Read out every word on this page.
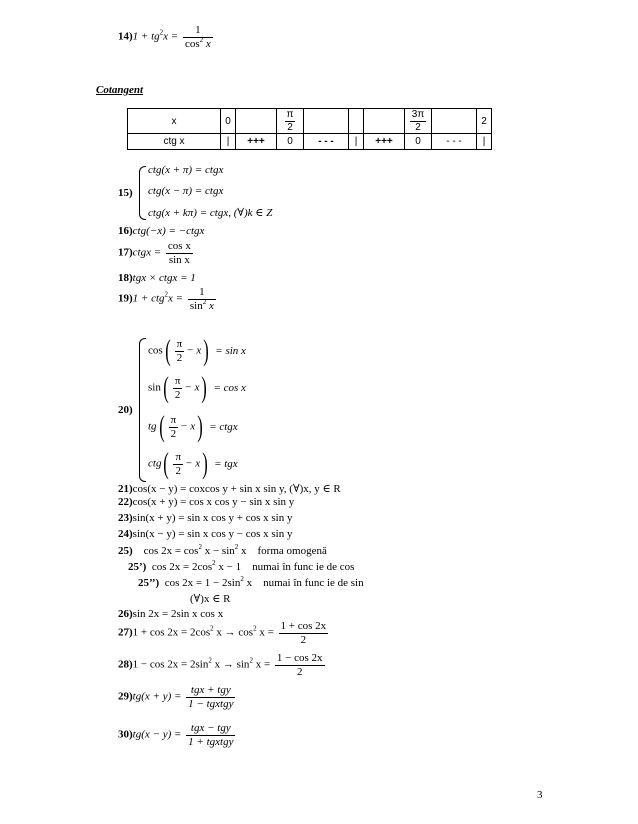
$14)1 + tg^2x = \frac{1}{\cos^2 x}$
Cotangent
x	0		$\frac{\pi}{2}$				$\frac{3\pi}{2}$		2
ctg x	|	+++	0	- - -	|	+++	0	- - -	|
15)
ctg(x + π) = ctgx
ctg(x − π) = ctgx
ctg(x + kπ) = ctgx, (∀)k ∈ Z
16)ctg(−x) = −ctgx
17)ctgx = $\frac{\text{cos x}}{\text{sin x}}$
18)tgx × ctgx = 1
$19)1 + ctg^2x = \frac{1}{\sin^2 x}$
20)
$\cos( \frac{\pi}{2} - x) = \sin x$
$\sin( \frac{\pi}{2} - x) = \cos x$
$tg( \frac{\pi}{2} - x)$ = ctgx
$ctg( \frac{\pi}{2} - x)$ = tgx
21)cos(x − y) = coxcos y + sin x sin y, (∀)x, y ∈ R
22)cos(x + y) = cos x cos y − sin x sin y
23)sin(x + y) = sin x cos y + cos x sin y
24)sin(x − y) = sin x cos y − cos x sin y
25) $\cos 2x = \cos^2 x - \sin^2 x$ forma omogenă
25’) $\cos 2x = 2\cos^2$ x − 1 numai în func ie de cos
25’’) $\cos 2x = 1 - 2\sin^2$ x numai în func ie de sin
(∀)x ∈ R
26)sin 2x = 2sin x cos x
$27)1 + \cos 2x = 2\cos^2$ $x \to \cos^2 x = \frac{1 + \cos 2x}{2}$
$28)1 - \cos 2x = 2\sin^2$ $x \to \sin^2 x = \frac{1 - \cos 2x}{2}$
$29)tg(x + y) = \frac{\text{tgx + tgy}}{\text{1 − tgxtgy}}$
$30)tg(x - y) = \frac{\text{tgx − tgy}}{\text{1 + tgxtgy}}$
3
